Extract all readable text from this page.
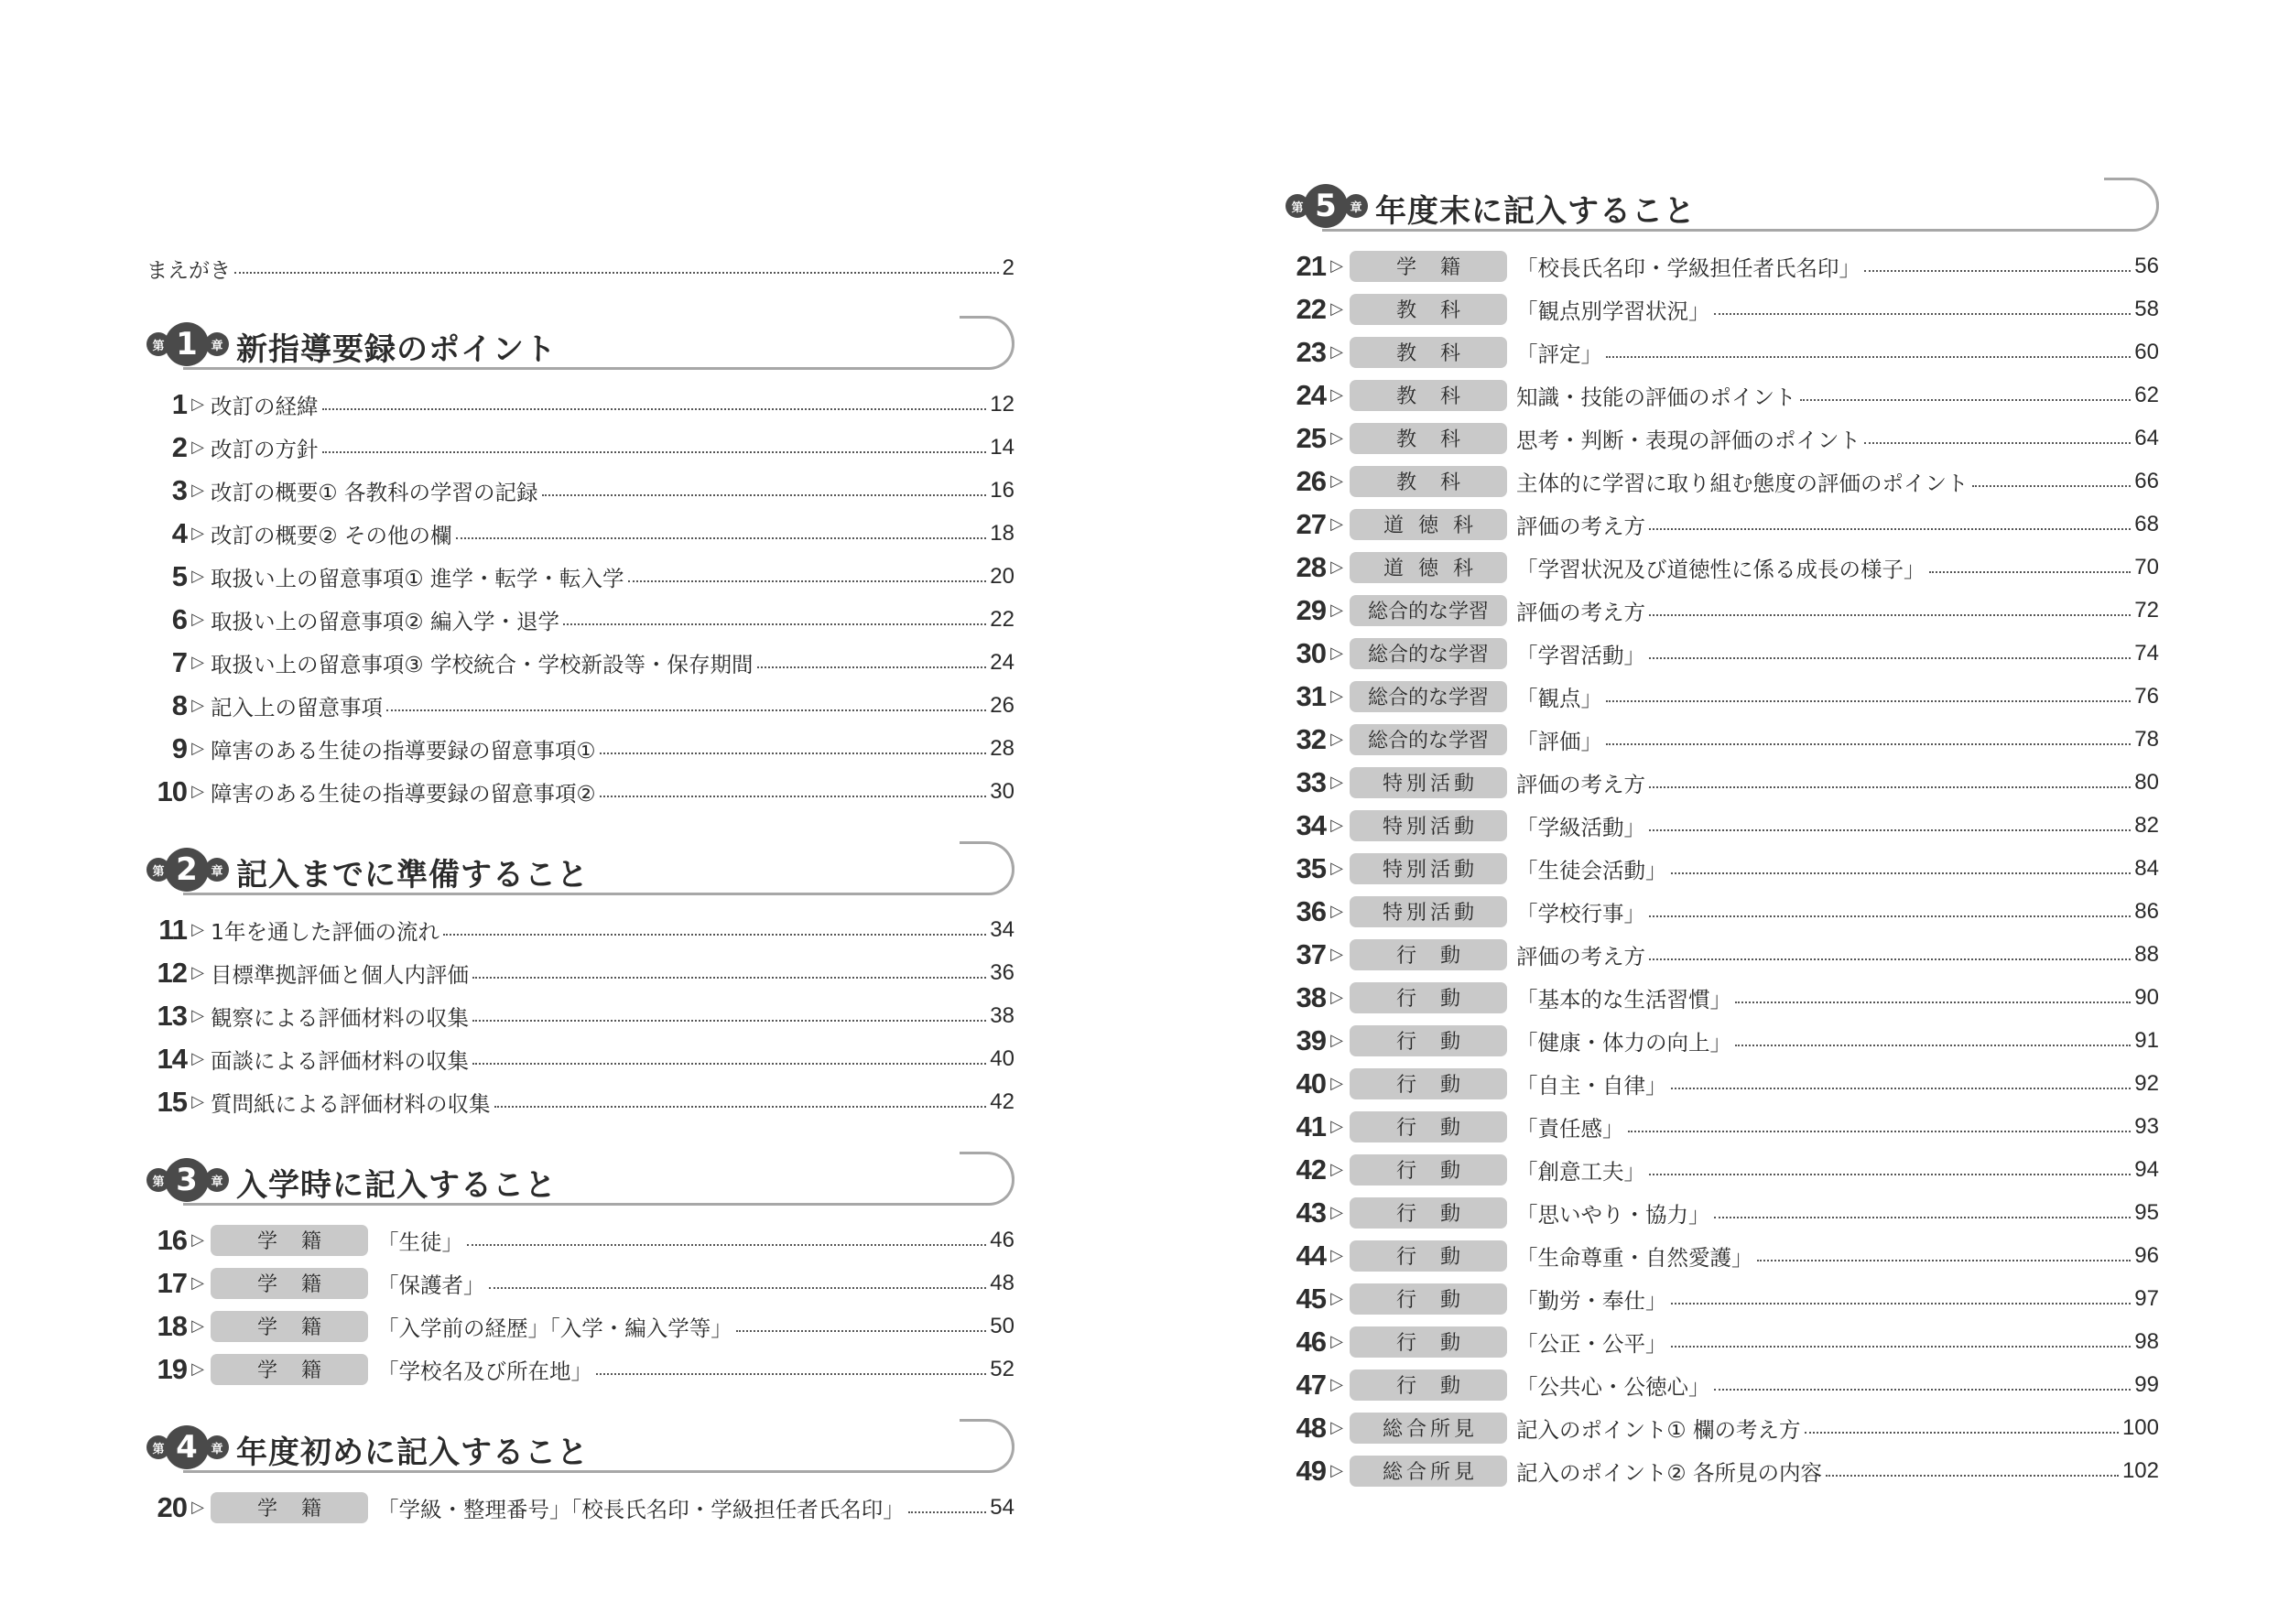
まえがき	2
第 1	章 新指導要録のポイント
1 ▷ 改訂の経緯	12
2 ▷ 改訂の方針	14
3 ▷ 改訂の概要① 各教科の学習の記録	16
4 ▷ 改訂の概要② その他の欄	18
5 ▷ 取扱い上の留意事項① 進学・転学・転入学	20
6 ▷ 取扱い上の留意事項② 編入学・退学	22
7 ▷ 取扱い上の留意事項③ 学校統合・学校新設等・保存期間	24
8 ▷ 記入上の留意事項	26
9 ▷ 障害のある生徒の指導要録の留意事項①	28
10 ▷ 障害のある生徒の指導要録の留意事項②	30
第 2	章 記入までに準備すること
11 ▷ 1年を通した評価の流れ	34
12 ▷ 目標準拠評価と個人内評価	36
13 ▷ 観察による評価材料の収集	38
14 ▷ 面談による評価材料の収集	40
15 ▷ 質問紙による評価材料の収集	42
第 3	章 入学時に記入すること
16 ▷	学籍	「生徒」	46
17 ▷	学籍	「保護者」	48
18 ▷	学籍	「入学前の経歴」「入学・編入学等」	50
19 ▷	学籍	「学校名及び所在地」	52
第 4	章 年度初めに記入すること
20 ▷	学籍	「学級・整理番号」「校長氏名印・学級担任者氏名印」	54
第 5	章 年度末に記入すること
21 ▷	学籍	「校長氏名印・学級担任者氏名印」	56
22 ▷	教科	「観点別学習状況」	58
23 ▷	教科	「評定」	60
24 ▷	教科	知識・技能の評価のポイント	62
25 ▷	教科	思考・判断・表現の評価のポイント	64
26 ▷	教科	主体的に学習に取り組む態度の評価のポイント	66
27 ▷	道徳科	評価の考え方	68
28 ▷	道徳科	「学習状況及び道徳性に係る成長の様子」	70
29 ▷	総合的な学習	評価の考え方	72
30 ▷	総合的な学習	「学習活動」	74
31 ▷	総合的な学習	「観点」	76
32 ▷	総合的な学習	「評価」	78
33 ▷	特別活動	評価の考え方	80
34 ▷	特別活動	「学級活動」	82
35 ▷	特別活動	「生徒会活動」	84
36 ▷	特別活動	「学校行事」	86
37 ▷	行動	評価の考え方	88
38 ▷	行動	「基本的な生活習慣」	90
39 ▷	行動	「健康・体力の向上」	91
40 ▷	行動	「自主・自律」	92
41 ▷	行動	「責任感」	93
42 ▷	行動	「創意工夫」	94
43 ▷	行動	「思いやり・協力」	95
44 ▷	行動	「生命尊重・自然愛護」	96
45 ▷	行動	「勤労・奉仕」	97
46 ▷	行動	「公正・公平」	98
47 ▷	行動	「公共心・公徳心」	99
48 ▷	総合所見	記入のポイント① 欄の考え方	100
49 ▷	総合所見	記入のポイント② 各所見の内容	102
